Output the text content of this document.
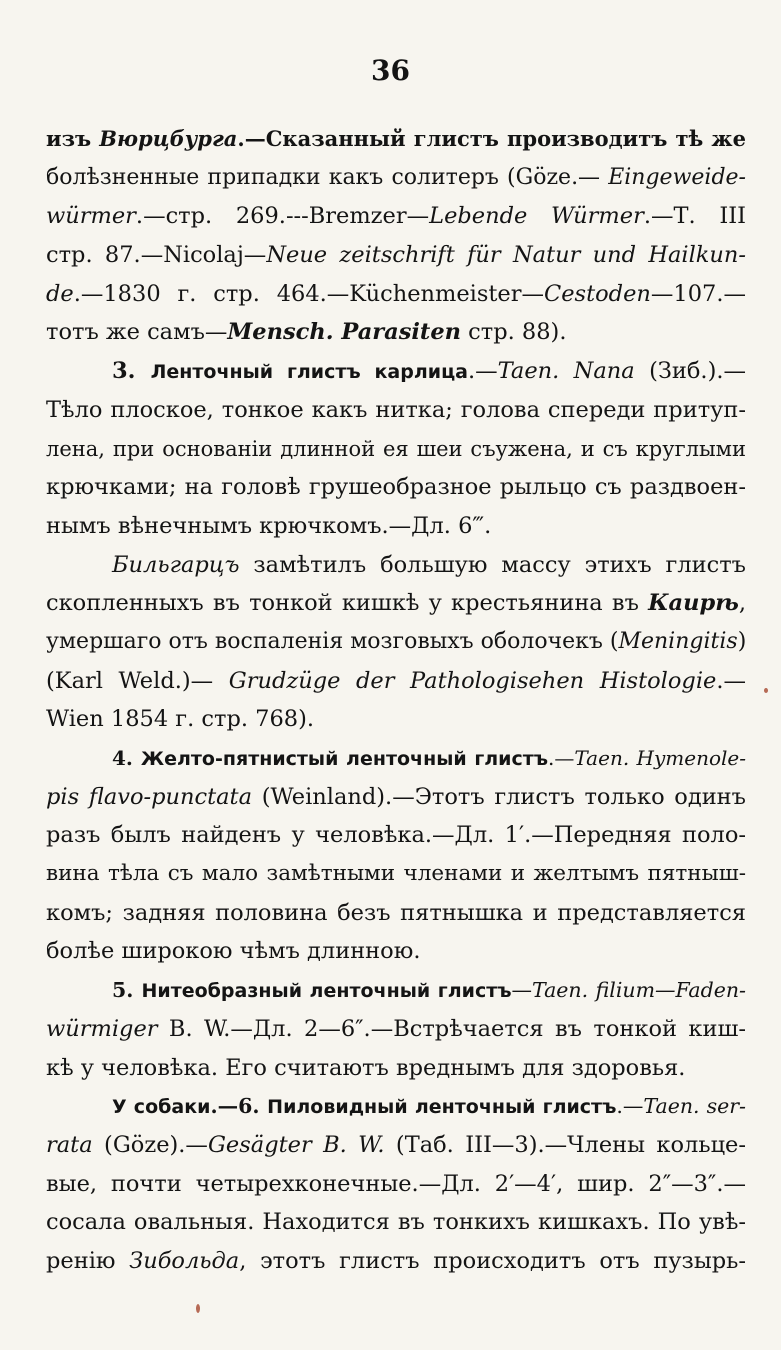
36
изъ Вюрцбурга.—Сказанный глистъ производитъ тѣ же
болѣзненные припадки какъ солитеръ (Göze.— Eingeweide-
würmer.—стр. 269.---Bremzer—Lebende Würmer.—Т. III
стр. 87.—Nicolaj—Neue zeitschrift für Natur und Hailkun-
de.—1830 г. стр. 464.—Küchenmeister—Cestoden—107.—
тотъ же самъ—Mensch. Parasiten стр. 88).
3. Ленточный глистъ карлица.—Taen. Nana (Зиб.).—
Тѣло плоское, тонкое какъ нитка; голова спереди притуп-
лена, при основаніи длинной ея шеи съужена, и съ круглыми
крючками; на головѣ грушеобразное рыльцо съ раздвоен-
нымъ вѣнечнымъ крючкомъ.—Дл. 6‴.
Бильгарцъ замѣтилъ большую массу этихъ глистъ
скопленныхъ въ тонкой кишкѣ у крестьянина въ Каирѣ,
умершаго отъ воспаленія мозговыхъ оболочекъ (Meningitis)
(Karl Weld.)— Grudzüge der Pathologisehen Histologie.—
Wien 1854 г. стр. 768).
4. Желто-пятнистый ленточный глистъ.—Taen. Hymenole-
pis flavo-punctata (Weinland).—Этотъ глистъ только одинъ
разъ былъ найденъ у человѣка.—Дл. 1′.—Передняя поло-
вина тѣла съ мало замѣтными членами и желтымъ пятныш-
комъ; задняя половина безъ пятнышка и представляется
болѣе широкою чѣмъ длинною.
5. Нитеобразный ленточный глистъ—Taen. filium—Faden-
würmiger B. W.—Дл. 2—6″.—Встрѣчается въ тонкой киш-
кѣ у человѣка. Его считаютъ вреднымъ для здоровья.
У собаки.—6. Пиловидный ленточный глистъ.—Taen. ser-
rata (Göze).—Gesägter B. W. (Таб. III—3).—Члены кольце-
вые, почти четырехконечные.—Дл. 2′—4′, шир. 2″—3″.—
сосала овальныя. Находится въ тонкихъ кишкахъ. По увѣ-
ренію Зибольда, этотъ глистъ происходитъ отъ пузырь-
